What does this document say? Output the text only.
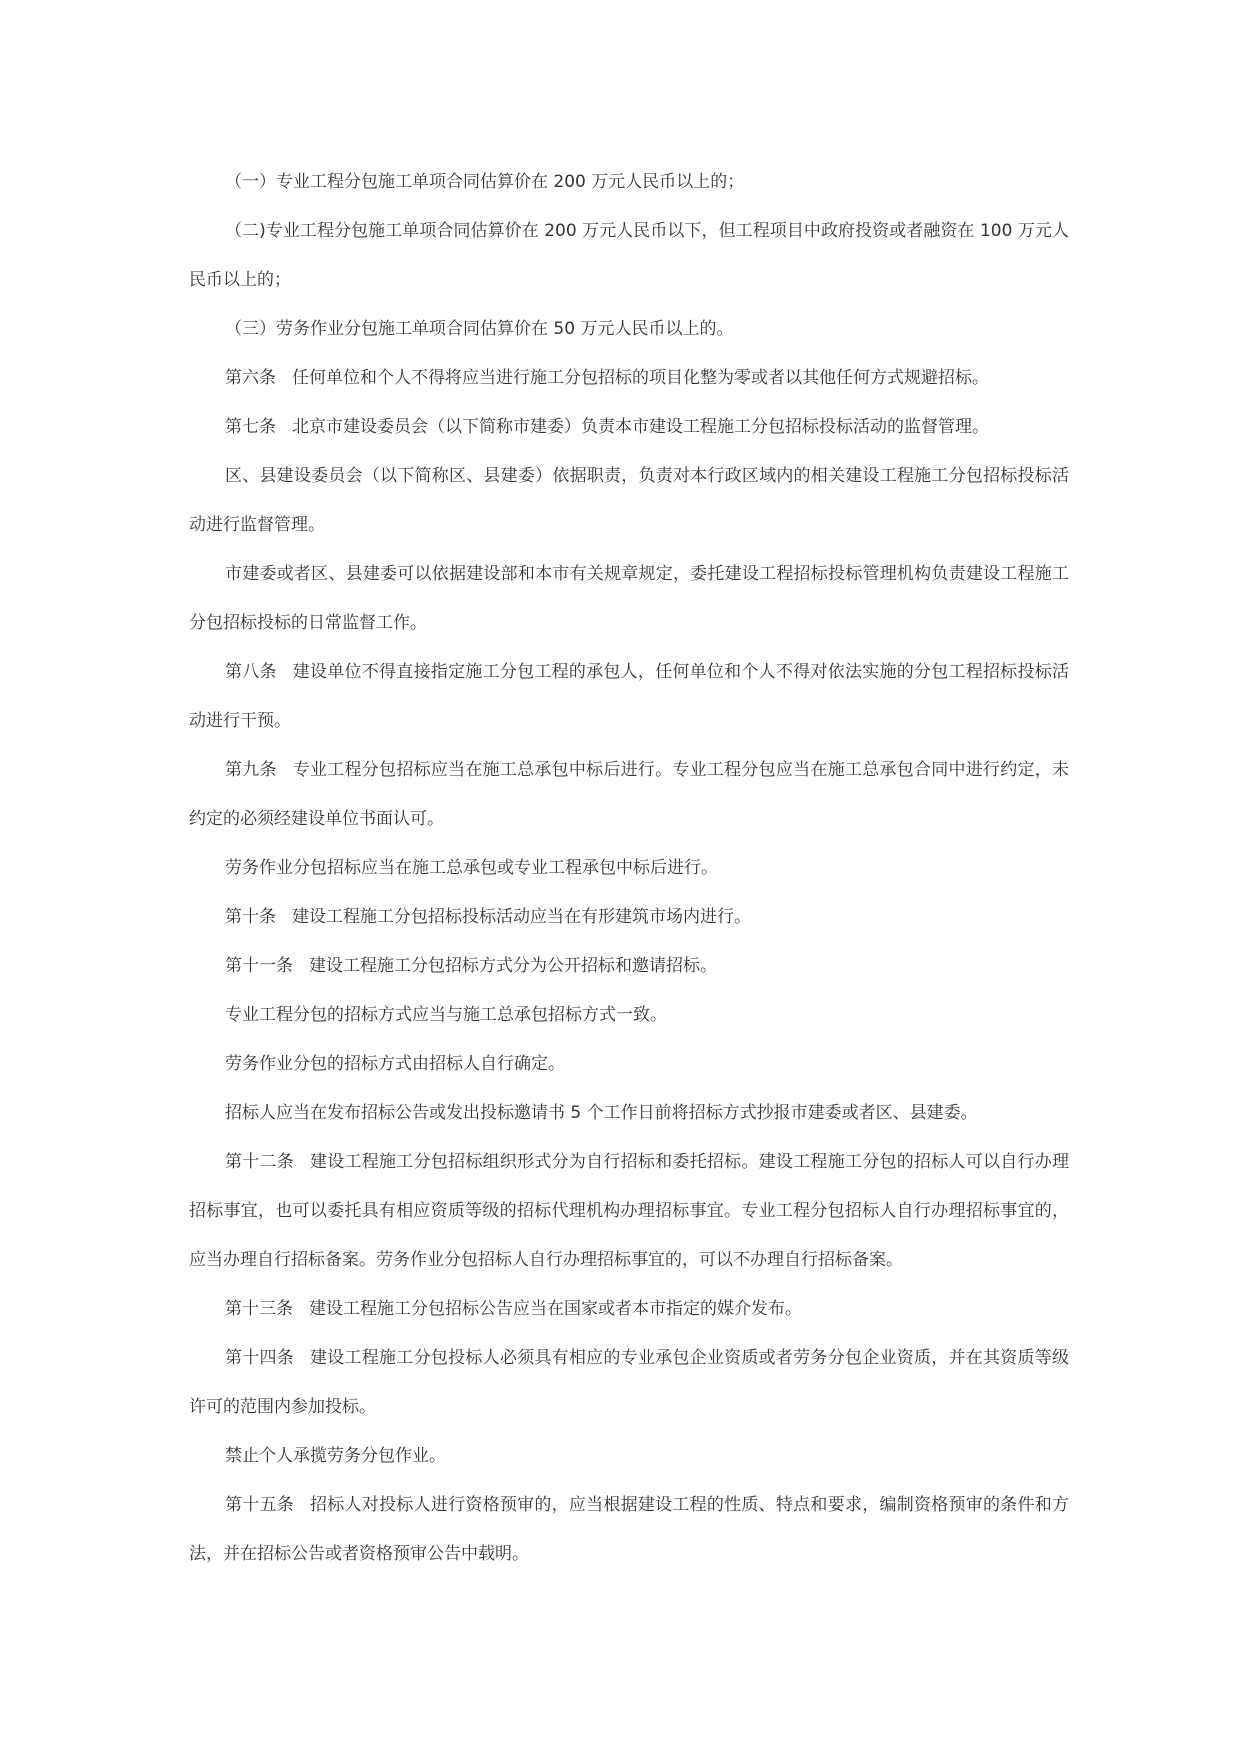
（一）专业工程分包施工单项合同估算价在 200 万元人民币以上的；

（二)专业工程分包施工单项合同估算价在 200 万元人民币以下，但工程项目中政府投资或者融资在 100 万元人民币以上的；

（三）劳务作业分包施工单项合同估算价在 50 万元人民币以上的。

第六条 任何单位和个人不得将应当进行施工分包招标的项目化整为零或者以其他任何方式规避招标。

第七条 北京市建设委员会（以下简称市建委）负责本市建设工程施工分包招标投标活动的监督管理。

区、县建设委员会（以下简称区、县建委）依据职责，负责对本行政区域内的相关建设工程施工分包招标投标活动进行监督管理。

市建委或者区、县建委可以依据建设部和本市有关规章规定，委托建设工程招标投标管理机构负责建设工程施工分包招标投标的日常监督工作。

第八条 建设单位不得直接指定施工分包工程的承包人，任何单位和个人不得对依法实施的分包工程招标投标活动进行干预。

第九条 专业工程分包招标应当在施工总承包中标后进行。专业工程分包应当在施工总承包合同中进行约定，未约定的必须经建设单位书面认可。

劳务作业分包招标应当在施工总承包或专业工程承包中标后进行。

第十条 建设工程施工分包招标投标活动应当在有形建筑市场内进行。

第十一条 建设工程施工分包招标方式分为公开招标和邀请招标。

专业工程分包的招标方式应当与施工总承包招标方式一致。

劳务作业分包的招标方式由招标人自行确定。

招标人应当在发布招标公告或发出投标邀请书 5 个工作日前将招标方式抄报市建委或者区、县建委。

第十二条 建设工程施工分包招标组织形式分为自行招标和委托招标。建设工程施工分包的招标人可以自行办理招标事宜，也可以委托具有相应资质等级的招标代理机构办理招标事宜。专业工程分包招标人自行办理招标事宜的，应当办理自行招标备案。劳务作业分包招标人自行办理招标事宜的，可以不办理自行招标备案。

第十三条 建设工程施工分包招标公告应当在国家或者本市指定的媒介发布。

第十四条 建设工程施工分包投标人必须具有相应的专业承包企业资质或者劳务分包企业资质，并在其资质等级许可的范围内参加投标。

禁止个人承揽劳务分包作业。

第十五条 招标人对投标人进行资格预审的，应当根据建设工程的性质、特点和要求，编制资格预审的条件和方法，并在招标公告或者资格预审公告中载明。
